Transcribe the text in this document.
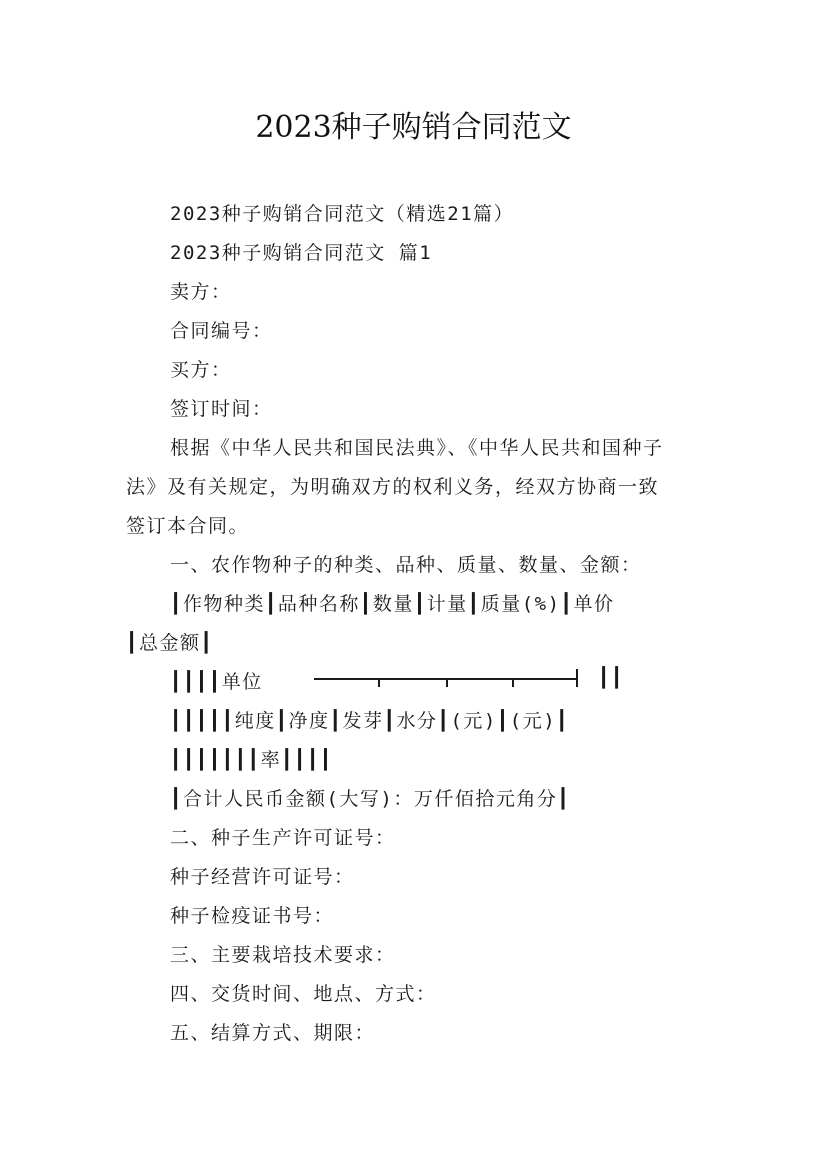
2023种子购销合同范文
2023种子购销合同范文（精选21篇）
2023种子购销合同范文 篇1
卖方：
合同编号：
买方：
签订时间：
根据《中华人民共和国民法典》、《中华人民共和国种子
法》及有关规定，为明确双方的权利义务，经双方协商一致
签订本合同。
一、农作物种子的种类、品种、质量、数量、金额：
┃作物种类┃品种名称┃数量┃计量┃质量(%)┃单价
┃总金额┃
┃┃┃┃单位	┃┃
┃┃┃┃┃纯度┃净度┃发芽┃水分┃(元)┃(元)┃
┃┃┃┃┃┃┃率┃┃┃┃
┃合计人民币金额(大写)：万仟佰拾元角分┃
二、种子生产许可证号：
种子经营许可证号：
种子检疫证书号：
三、主要栽培技术要求：
四、交货时间、地点、方式：
五、结算方式、期限：
